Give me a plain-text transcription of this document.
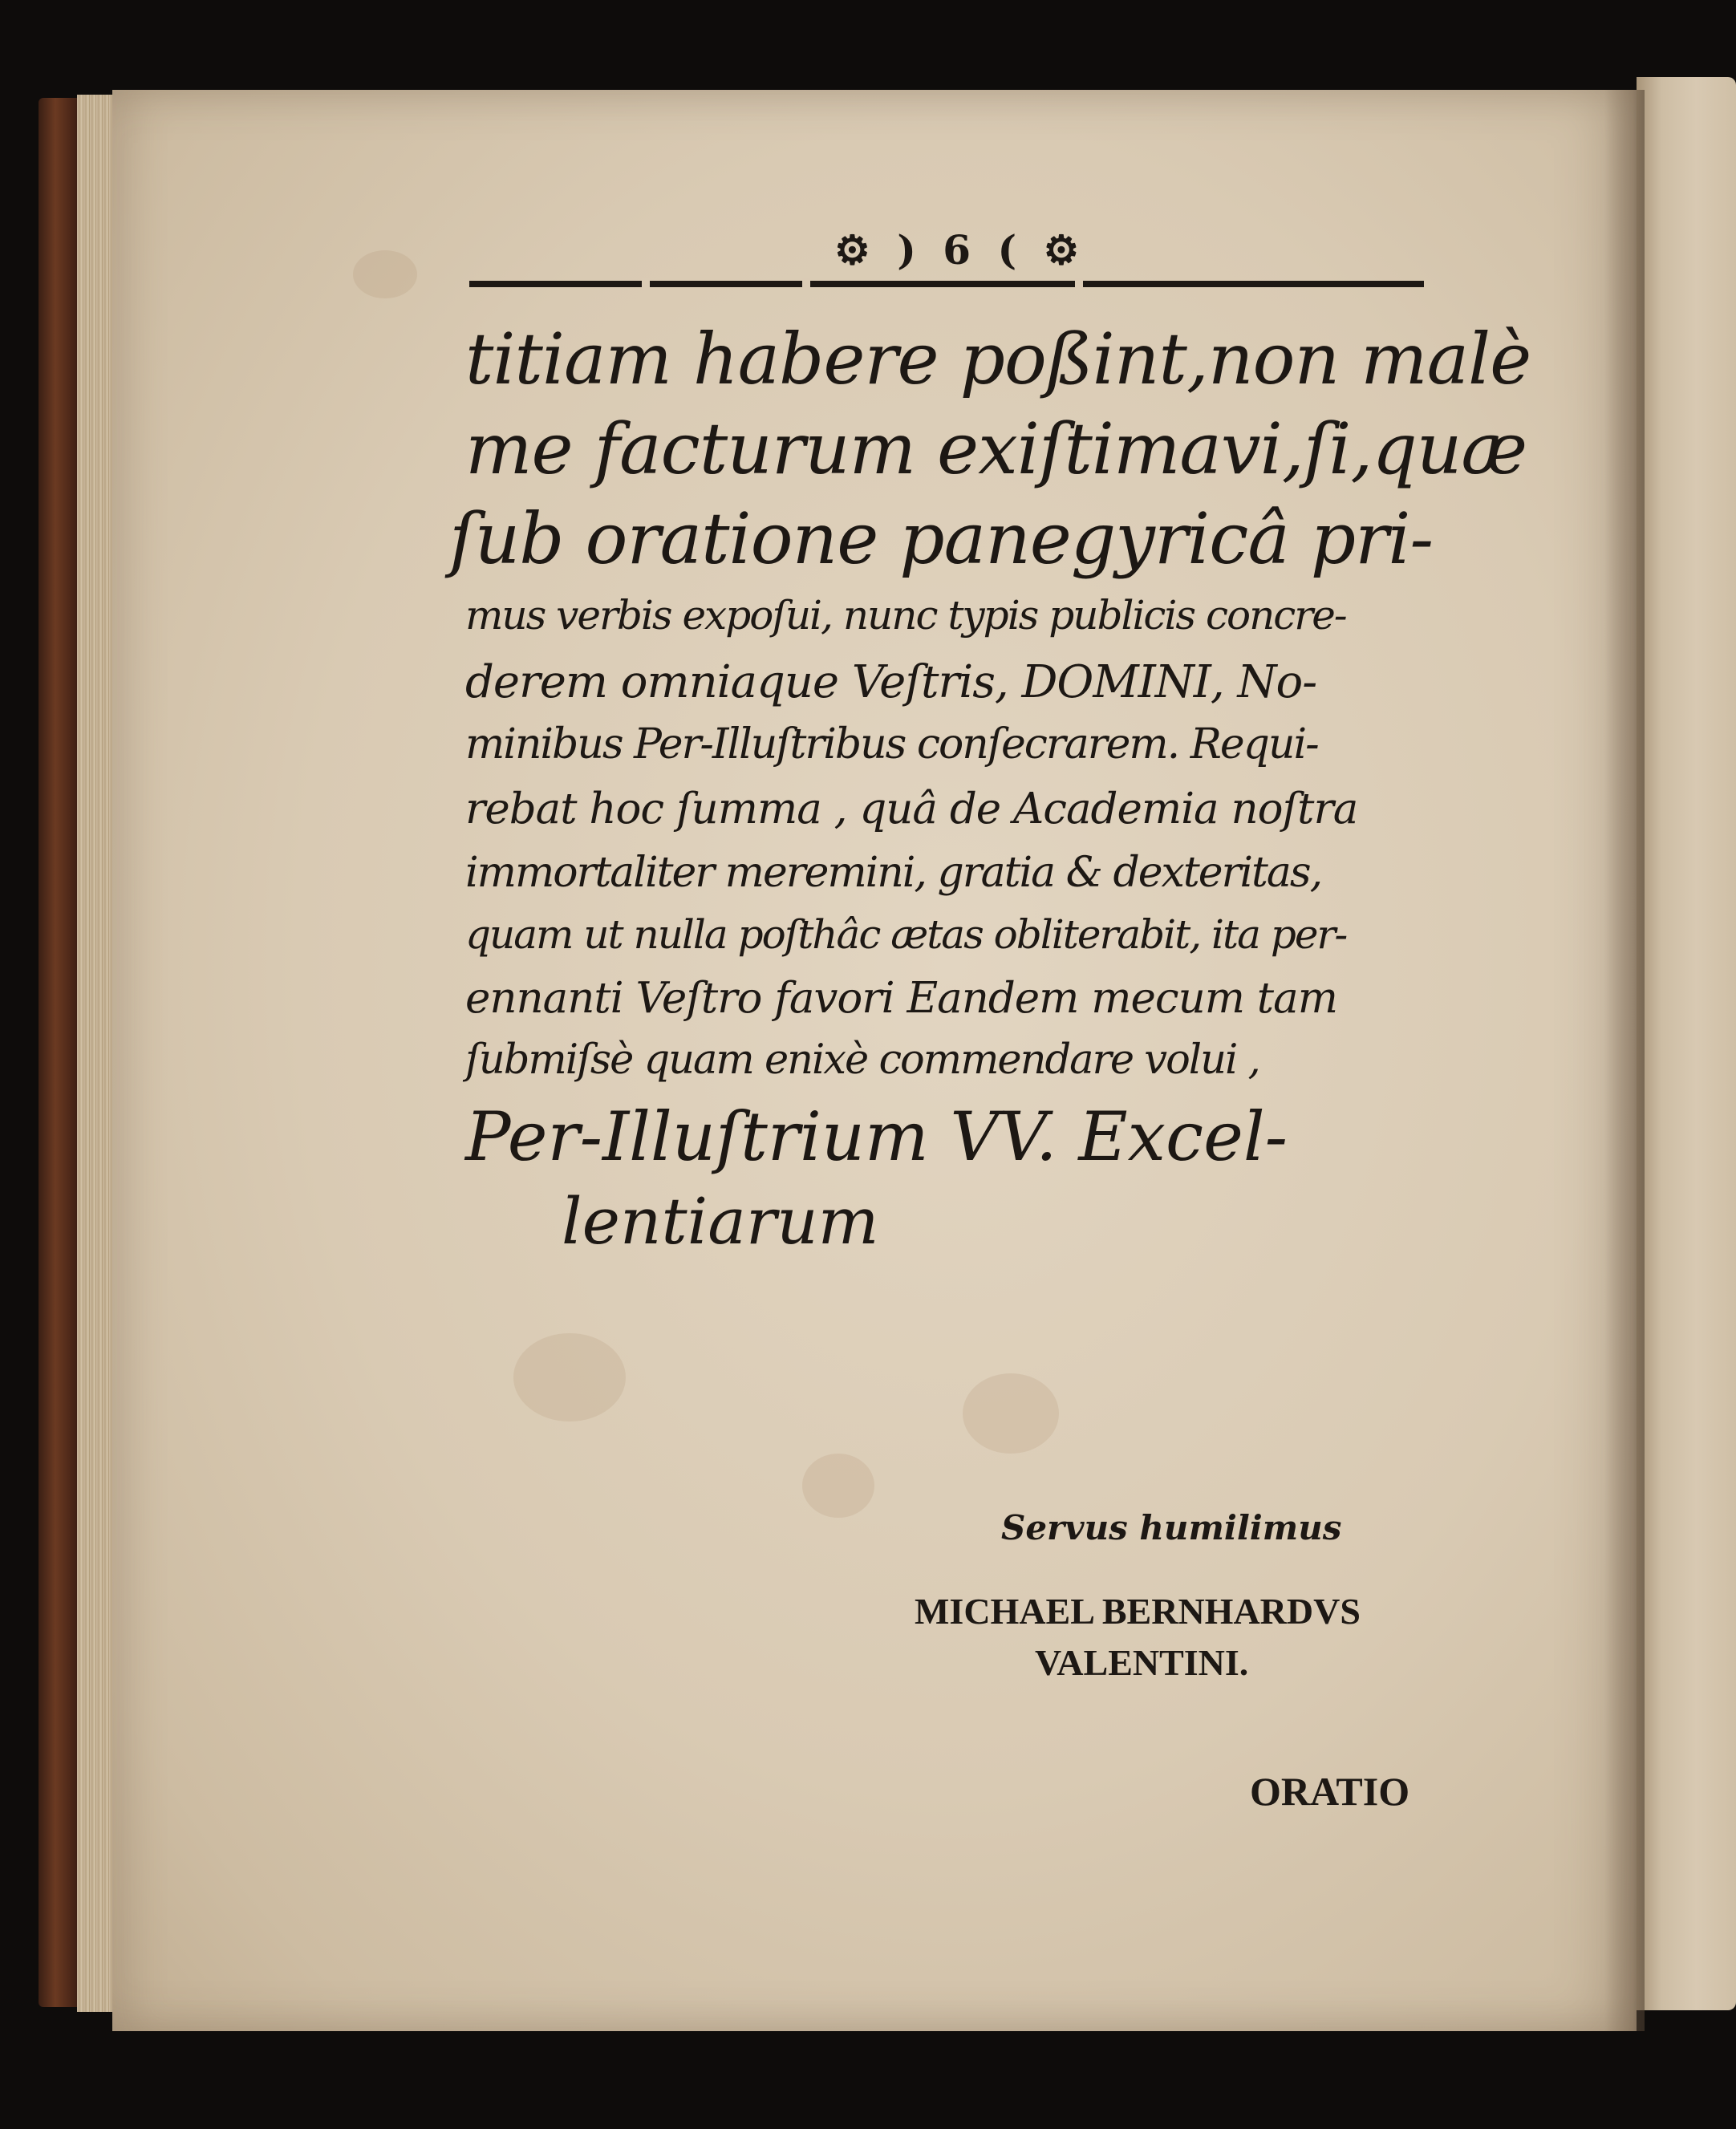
⚙ ) 6 ( ⚙
titiam habere poßint,non malè
me facturum exiſtimavi,ſi,quæ
ſub oratione panegyricâ pri-
mus verbis expoſui, nunc typis publicis concre-
derem omniaque Veſtris, DOMINI, No-
minibus Per-Illuſtribus conſecrarem. Requi-
rebat hoc ſumma , quâ de Academia noſtra
immortaliter meremini, gratia & dexteritas,
quam ut nulla poſthâc ætas obliterabit, ita per-
ennanti Veſtro favori Eandem mecum tam
ſubmiſsè quam enixè commendare volui ,
Per-Illuſtrium VV. Excel-
lentiarum
Servus humilimus
MICHAEL BERNHARDVS
VALENTINI.
ORATIO
